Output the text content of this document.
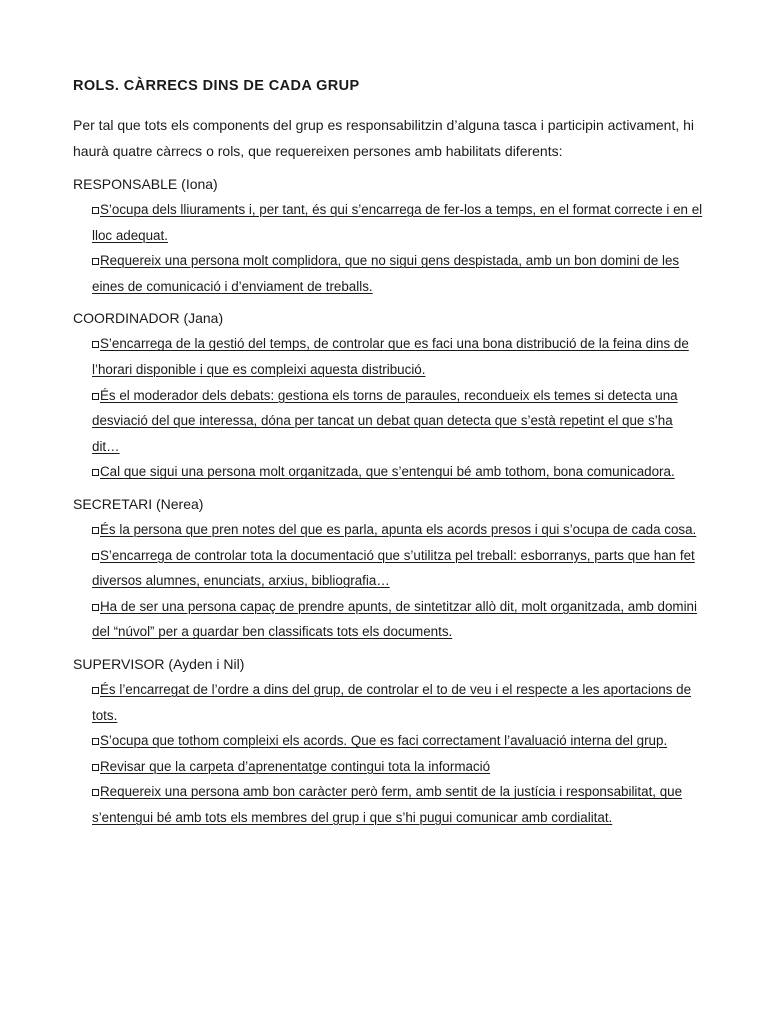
ROLS. CÀRRECS DINS DE CADA GRUP

Per tal que tots els components del grup es responsabilitzin d’alguna tasca i participin activament, hi haurà quatre càrrecs o rols, que requereixen persones amb habilitats diferents:

RESPONSABLE (Iona)

S’ocupa dels lliuraments i, per tant, és qui s’encarrega de fer-los a temps, en el format correcte i en el lloc adequat.
Requereix una persona molt complidora, que no sigui gens despistada, amb un bon domini de les eines de comunicació i d’enviament de treballs.

COORDINADOR (Jana)

S’encarrega de la gestió del temps, de controlar que es faci una bona distribució de la feina dins de l’horari disponible i que es compleixi aquesta distribució.
És el moderador dels debats: gestiona els torns de paraules, recondueix els temes si detecta una desviació del que interessa, dóna per tancat un debat quan detecta que s’està repetint el que s’ha dit…
Cal que sigui una persona molt organitzada, que s’entengui bé amb tothom, bona comunicadora.

SECRETARI (Nerea)

És la persona que pren notes del que es parla, apunta els acords presos i qui s’ocupa de cada cosa.
S’encarrega de controlar tota la documentació que s’utilitza pel treball: esborranys, parts que han fet diversos alumnes, enunciats, arxius, bibliografia…
Ha de ser una persona capaç de prendre apunts, de sintetitzar allò dit, molt organitzada, amb domini del “núvol” per a guardar ben classificats tots els documents.

SUPERVISOR (Ayden i Nil)

És l’encarregat de l’ordre a dins del grup, de controlar el to de veu i el respecte a les aportacions de tots.
S’ocupa que tothom compleixi els acords. Que es faci correctament l’avaluació interna del grup.
Revisar que la carpeta d’aprenentatge contingui tota la informació
Requereix una persona amb bon caràcter però ferm, amb sentit de la justícia i responsabilitat, que s’entengui bé amb tots els membres del grup i que s’hi pugui comunicar amb cordialitat.
